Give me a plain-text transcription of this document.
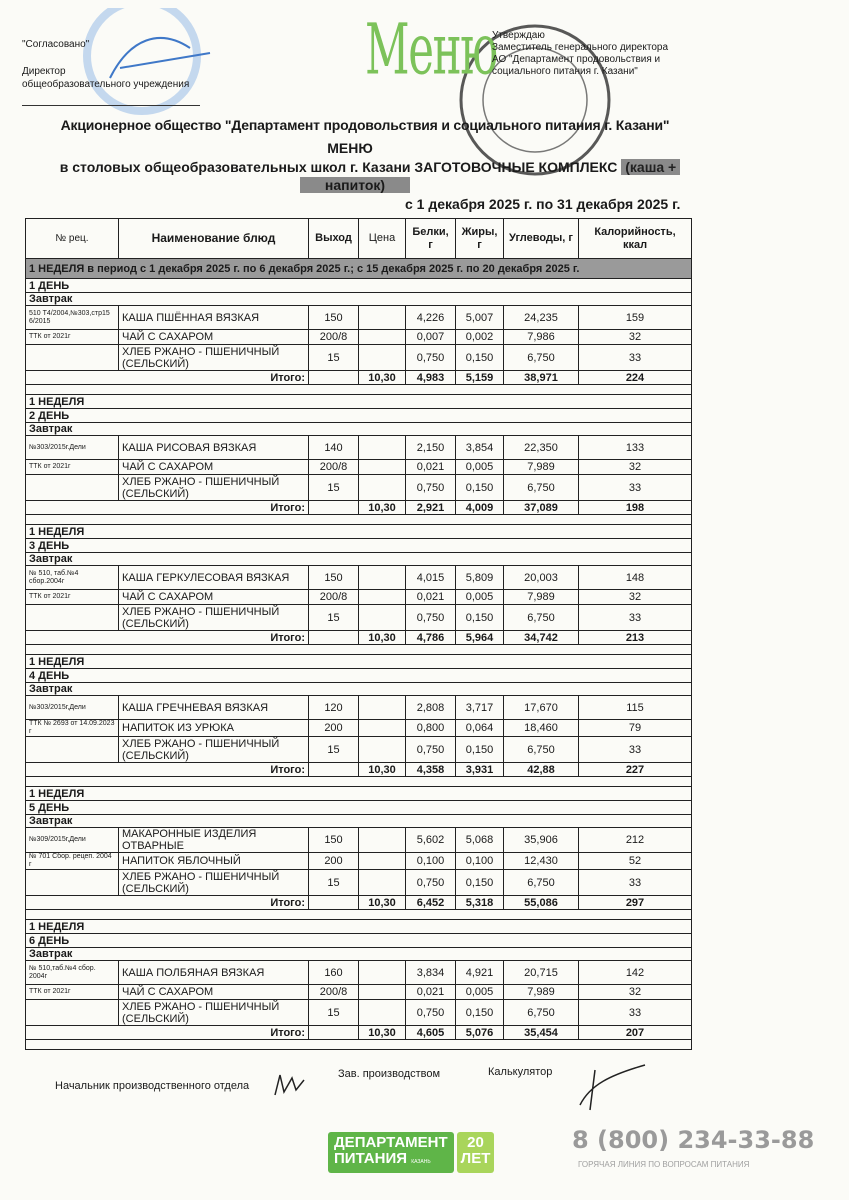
"Согласовано"
Директор
общеобразовательного учреждения	Меню
Утверждаю
Заместитель генерального директора
АО "Департамент продовольствия и
социального питания г. Казани"
Акционерное общество "Департамент продовольствия и социального питания г. Казани"
МЕНЮ
в столовых общеобразовательных школ г. Казани ЗАГОТОВОЧНЫЕ КОМПЛЕКС (каша +
напиток)
с 1 декабря 2025 г. по 31 декабря 2025 г.
№ рец.	Наименование блюд	Выход	Цена	Белки, г	Жиры, г	Углеводы, г	Калорийность, ккал
1 НЕДЕЛЯ в период с 1 декабря 2025 г. по 6 декабря 2025 г.; с 15 декабря 2025 г. по 20 декабря 2025 г.							
1 ДЕНЬ							
Завтрак							
510 Т4/2004,№303,стр15 6/2015	КАША ПШЁННАЯ ВЯЗКАЯ	150		4,226	5,007	24,235	159
ТТК от 2021г	ЧАЙ С САХАРОМ	200/8		0,007	0,002	7,986	32
	ХЛЕБ РЖАНО - ПШЕНИЧНЫЙ (СЕЛЬСКИЙ)	15		0,750	0,150	6,750	33
Итого:			10,30	4,983	5,159	38,971	224

1 НЕДЕЛЯ							
2 ДЕНЬ							
Завтрак							
№303/2015г.Дели	КАША РИСОВАЯ ВЯЗКАЯ	140		2,150	3,854	22,350	133
ТТК от 2021г	ЧАЙ С САХАРОМ	200/8		0,021	0,005	7,989	32
	ХЛЕБ РЖАНО - ПШЕНИЧНЫЙ (СЕЛЬСКИЙ)	15		0,750	0,150	6,750	33
Итого:			10,30	2,921	4,009	37,089	198

1 НЕДЕЛЯ							
3 ДЕНЬ							
Завтрак							
№ 510, таб.№4 сбор.2004г	КАША ГЕРКУЛЕСОВАЯ ВЯЗКАЯ	150		4,015	5,809	20,003	148
ТТК от 2021г	ЧАЙ С САХАРОМ	200/8		0,021	0,005	7,989	32
	ХЛЕБ РЖАНО - ПШЕНИЧНЫЙ (СЕЛЬСКИЙ)	15		0,750	0,150	6,750	33
Итого:			10,30	4,786	5,964	34,742	213

1 НЕДЕЛЯ							
4 ДЕНЬ							
Завтрак							
№303/2015г,Дели	КАША ГРЕЧНЕВАЯ ВЯЗКАЯ	120		2,808	3,717	17,670	115
ТТК № 2693 от 14.09.2023 г	НАПИТОК ИЗ УРЮКА	200		0,800	0,064	18,460	79
	ХЛЕБ РЖАНО - ПШЕНИЧНЫЙ (СЕЛЬСКИЙ)	15		0,750	0,150	6,750	33
Итого:			10,30	4,358	3,931	42,88	227

1 НЕДЕЛЯ							
5 ДЕНЬ							
Завтрак							
№309/2015г,Дели	МАКАРОННЫЕ ИЗДЕЛИЯ ОТВАРНЫЕ	150		5,602	5,068	35,906	212
№ 701 Сбор. рецеп. 2004 г	НАПИТОК ЯБЛОЧНЫЙ	200		0,100	0,100	12,430	52
	ХЛЕБ РЖАНО - ПШЕНИЧНЫЙ (СЕЛЬСКИЙ)	15		0,750	0,150	6,750	33
Итого:			10,30	6,452	5,318	55,086	297

1 НЕДЕЛЯ							
6 ДЕНЬ							
Завтрак							
№ 510,таб.№4 сбор. 2004г	КАША ПОЛБЯНАЯ ВЯЗКАЯ	160		3,834	4,921	20,715	142
ТТК от 2021г	ЧАЙ С САХАРОМ	200/8		0,021	0,005	7,989	32
	ХЛЕБ РЖАНО - ПШЕНИЧНЫЙ (СЕЛЬСКИЙ)	15		0,750	0,150	6,750	33
Итого:			10,30	4,605	5,076	35,454	207

Начальник производственного отдела
Зав. производством	Калькулятор
ДЕПАРТАМЕНТ
ПИТАНИЯ КАЗАНЬ
20
ЛЕТ
8 (800) 234-33-88
ГОРЯЧАЯ ЛИНИЯ ПО ВОПРОСАМ ПИТАНИЯ
